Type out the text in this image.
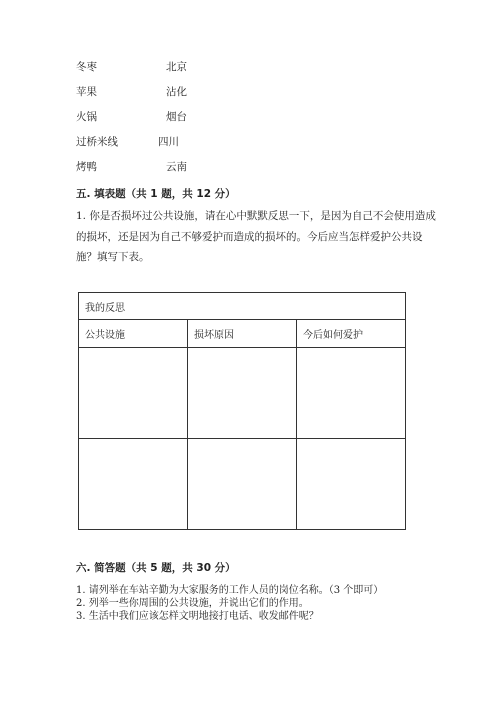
冬枣	北京
苹果	沾化
火锅	烟台
过桥米线	四川
烤鸭	云南
五. 填表题（共 1 题，共 12 分）
1. 你是否损坏过公共设施，请在心中默默反思一下，是因为自己不会使用造成
的损坏，还是因为自己不够爱护而造成的损坏的。今后应当怎样爱护公共设
施？填写下表。
我的反思		
公共设施	损坏原因	今后如何爱护

六. 简答题（共 5 题，共 30 分）
1. 请列举在车站辛勤为大家服务的工作人员的岗位名称。（3 个即可）
2. 列举一些你周围的公共设施，并说出它们的作用。
3. 生活中我们应该怎样文明地接打电话、收发邮件呢？
